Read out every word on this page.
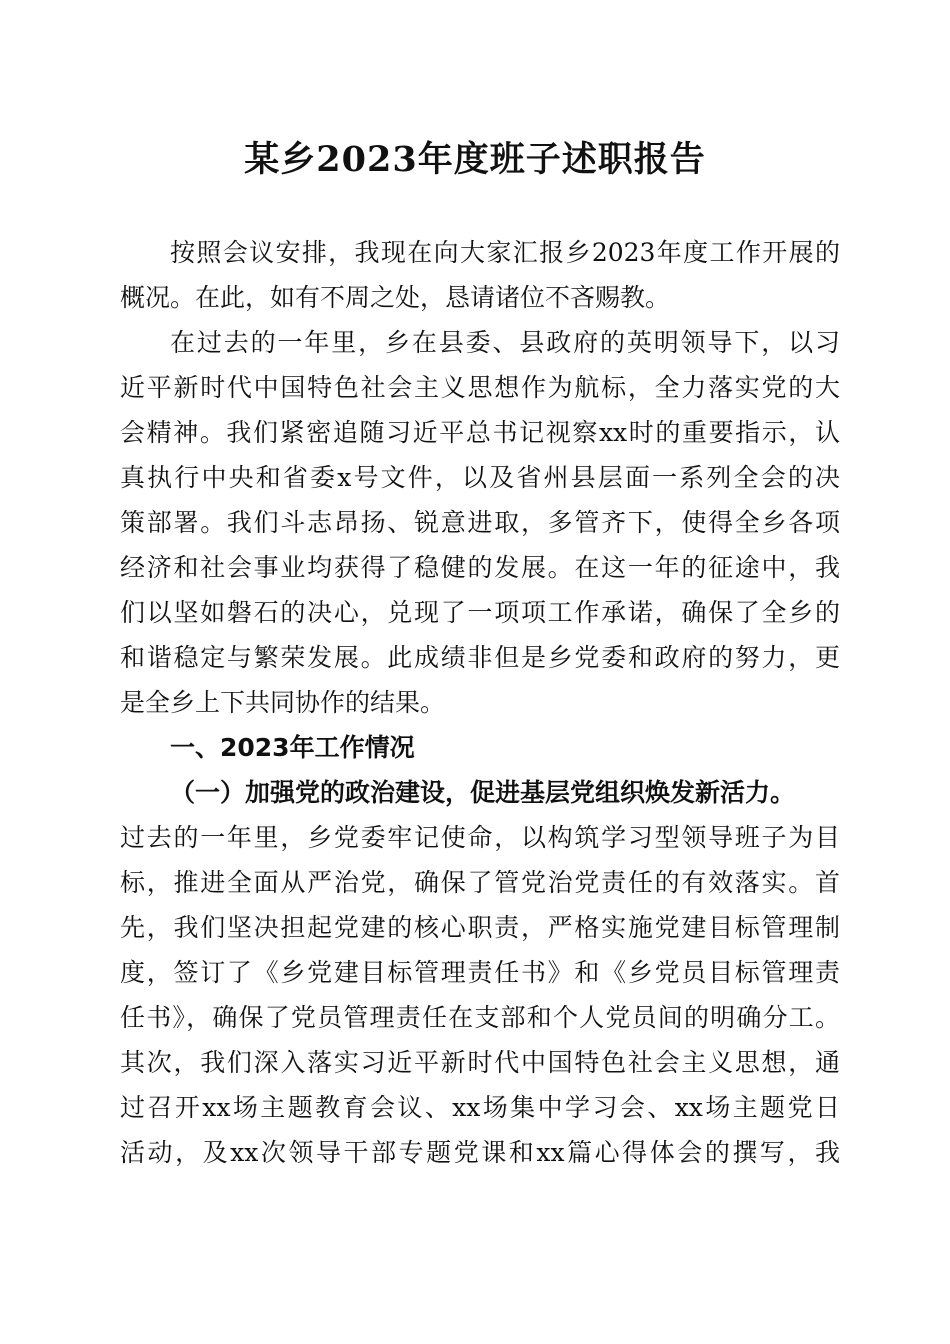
某乡2023年度班子述职报告
按照会议安排，我现在向大家汇报乡2023年度工作开展的
概况。在此，如有不周之处，恳请诸位不吝赐教。
在过去的一年里，乡在县委、县政府的英明领导下，以习
近平新时代中国特色社会主义思想作为航标，全力落实党的大
会精神。我们紧密追随习近平总书记视察xx时的重要指示，认
真执行中央和省委x号文件，以及省州县层面一系列全会的决
策部署。我们斗志昂扬、锐意进取，多管齐下，使得全乡各项
经济和社会事业均获得了稳健的发展。在这一年的征途中，我
们以坚如磐石的决心，兑现了一项项工作承诺，确保了全乡的
和谐稳定与繁荣发展。此成绩非但是乡党委和政府的努力，更
是全乡上下共同协作的结果。
一、2023年工作情况
（一）加强党的政治建设，促进基层党组织焕发新活力。
过去的一年里，乡党委牢记使命，以构筑学习型领导班子为目
标，推进全面从严治党，确保了管党治党责任的有效落实。首
先，我们坚决担起党建的核心职责，严格实施党建目标管理制
度，签订了《乡党建目标管理责任书》和《乡党员目标管理责
任书》，确保了党员管理责任在支部和个人党员间的明确分工。
其次，我们深入落实习近平新时代中国特色社会主义思想，通
过召开xx场主题教育会议、xx场集中学习会、xx场主题党日
活动，及xx次领导干部专题党课和xx篇心得体会的撰写，我
